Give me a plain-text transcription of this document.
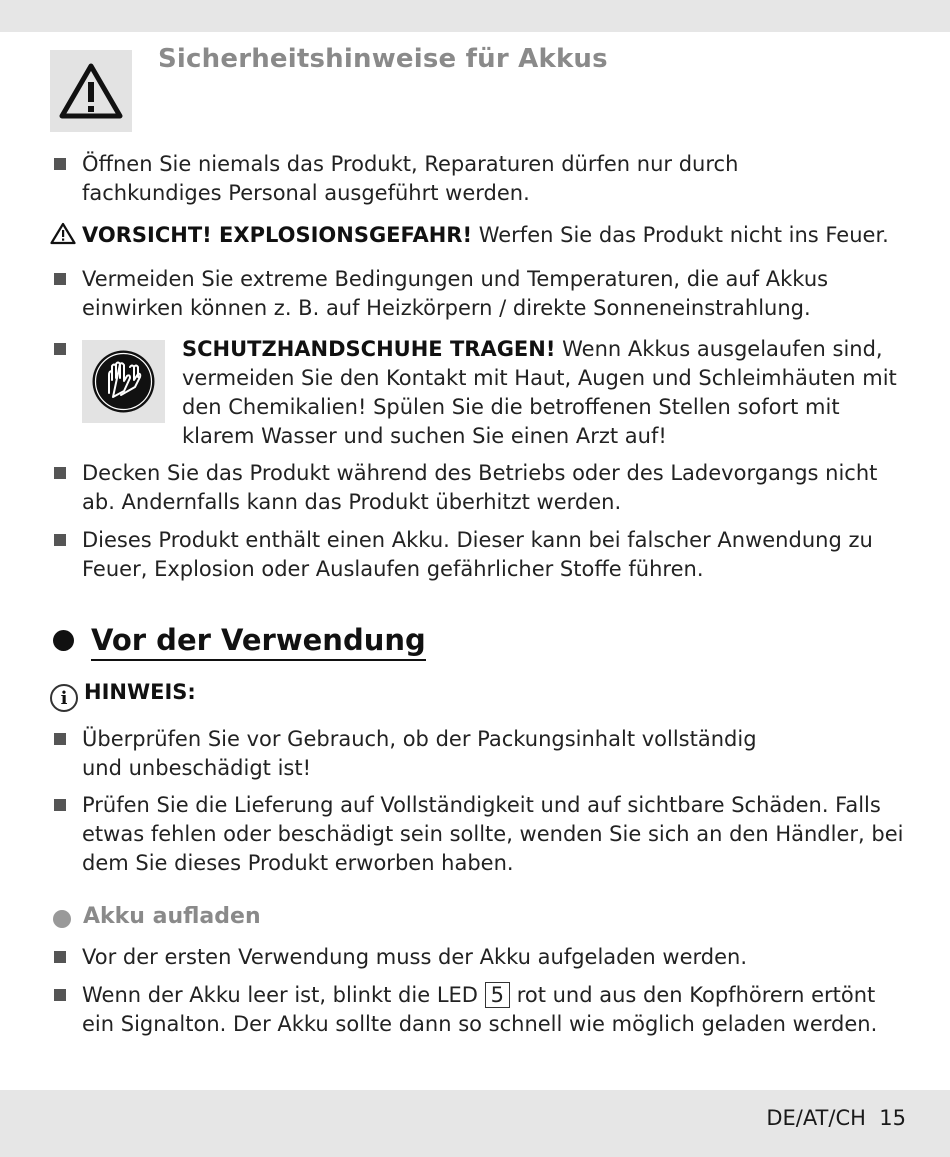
Sicherheitshinweise für Akkus
Öffnen Sie niemals das Produkt, Reparaturen dürfen nur durch fachkundiges Personal ausgeführt werden.
VORSICHT! EXPLOSIONSGEFAHR! Werfen Sie das Produkt nicht ins Feuer.
Vermeiden Sie extreme Bedingungen und Temperaturen, die auf Akkus einwirken können z. B. auf Heizkörpern / direkte Sonneneinstrahlung.
SCHUTZHANDSCHUHE TRAGEN! Wenn Akkus ausgelaufen sind, vermeiden Sie den Kontakt mit Haut, Augen und Schleimhäuten mit den Chemikalien! Spülen Sie die betroffenen Stellen sofort mit klarem Wasser und suchen Sie einen Arzt auf!
Decken Sie das Produkt während des Betriebs oder des Ladevorgangs nicht ab. Andernfalls kann das Produkt überhitzt werden.
Dieses Produkt enthält einen Akku. Dieser kann bei falscher Anwendung zu Feuer, Explosion oder Auslaufen gefährlicher Stoffe führen.
Vor der Verwendung
i HINWEIS:
Überprüfen Sie vor Gebrauch, ob der Packungsinhalt vollständig und unbeschädigt ist!
Prüfen Sie die Lieferung auf Vollständigkeit und auf sichtbare Schäden. Falls etwas fehlen oder beschädigt sein sollte, wenden Sie sich an den Händler, bei dem Sie dieses Produkt erworben haben.
Akku aufladen
Vor der ersten Verwendung muss der Akku aufgeladen werden.
Wenn der Akku leer ist, blinkt die LED 5 rot und aus den Kopfhörern ertönt ein Signalton. Der Akku sollte dann so schnell wie möglich geladen werden.
DE/AT/CH  15
